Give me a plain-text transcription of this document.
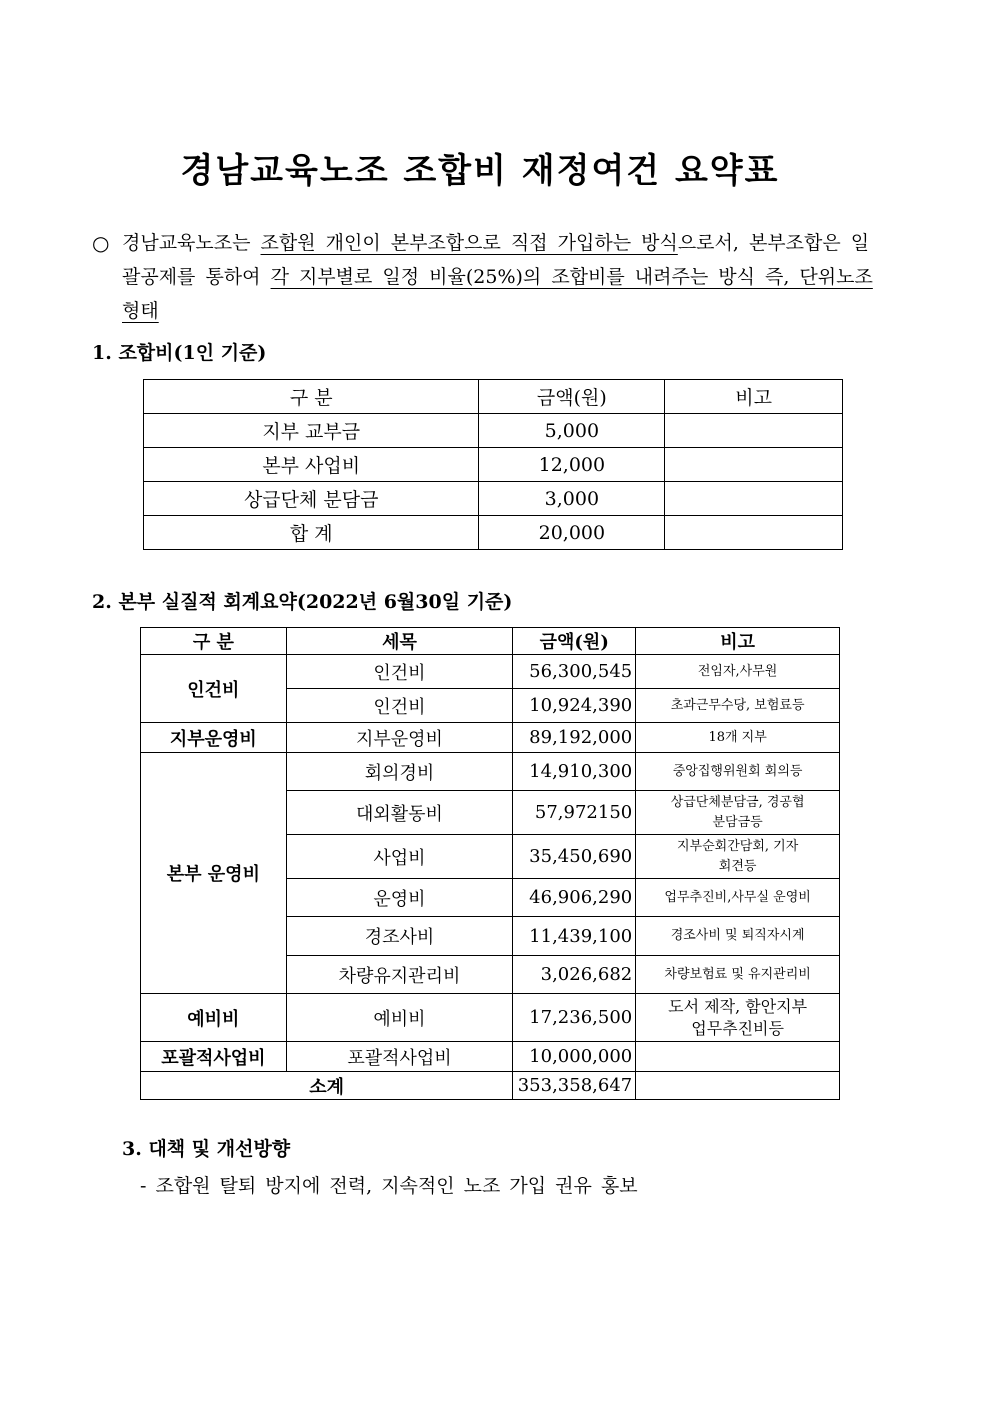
경남교육노조 조합비 재정여건 요약표
○ 경남교육노조는 조합원 개인이 본부조합으로 직접 가입하는 방식으로서, 본부조합은 일괄공제를 통하여 각 지부별로 일정 비율(25%)의 조합비를 내려주는 방식 즉, 단위노조 형태
1. 조합비(1인 기준)
구 분	금액(원)	비고
지부 교부금	5,000	
본부 사업비	12,000	
상급단체 분담금	3,000	
합 계	20,000	
2. 본부 실질적 회계요약(2022년 6월30일 기준)
구 분	세목	금액(원)	비고
인건비	인건비	56,300,545	전임자,사무원
	인건비	10,924,390	초과근무수당, 보험료등
지부운영비	지부운영비	89,192,000	18개 지부
본부 운영비	회의경비	14,910,300	중앙집행위원회 회의등
	대외활동비	57,972150	상급단체분담금, 경공협분담금등
	사업비	35,450,690	지부순회간담회, 기자회견등
	운영비	46,906,290	업무추진비,사무실 운영비
	경조사비	11,439,100	경조사비 및 퇴직자시계
	차량유지관리비	3,026,682	차량보험료 및 유지관리비
예비비	예비비	17,236,500	도서 제작, 함안지부 업무추진비등
포괄적사업비	포괄적사업비	10,000,000	
소계		353,358,647	
3. 대책 및 개선방향
- 조합원 탈퇴 방지에 전력, 지속적인 노조 가입 권유 홍보
